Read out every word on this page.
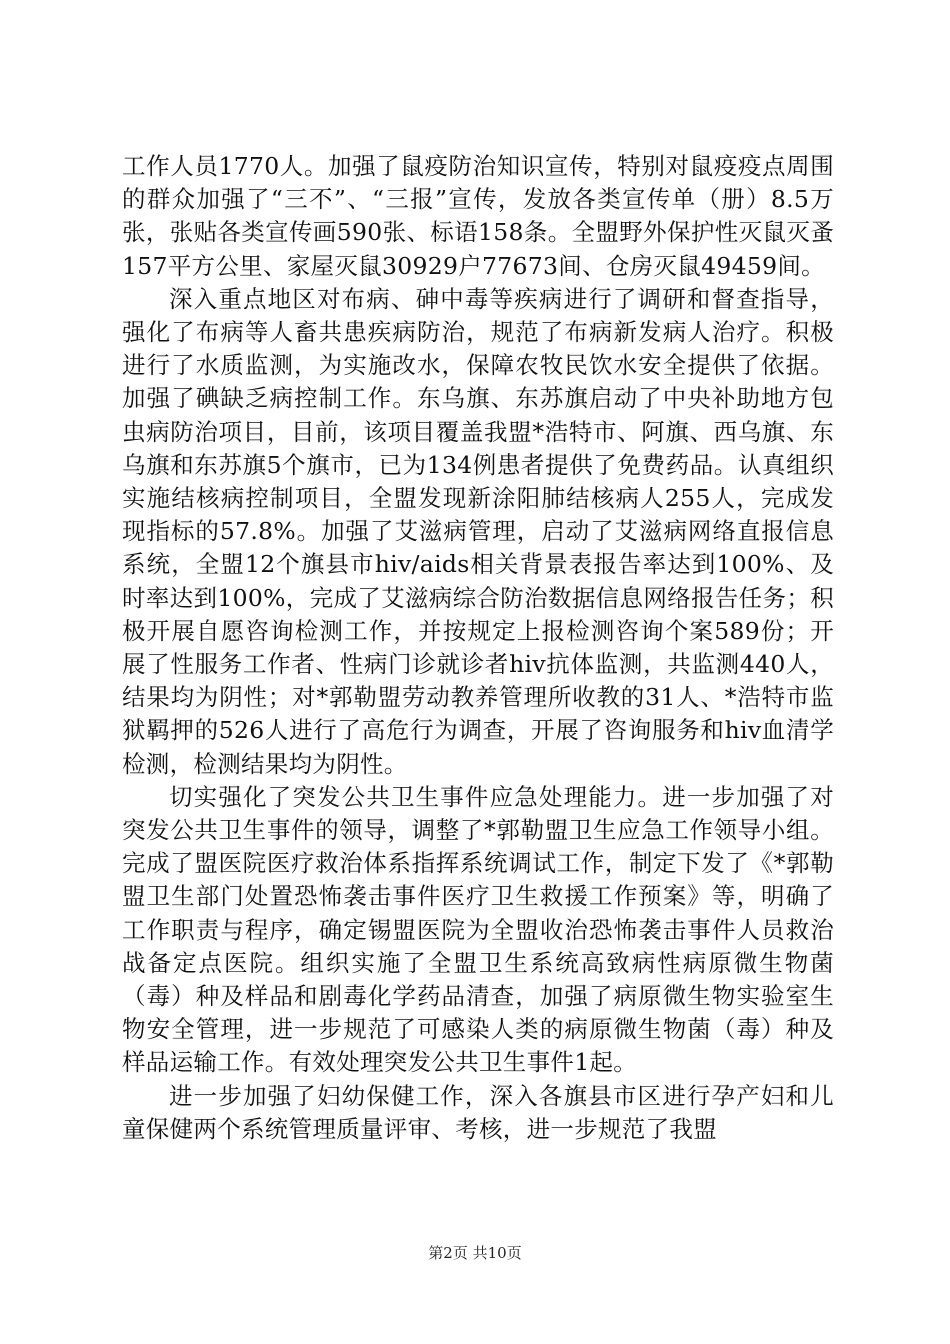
工作人员1770人。加强了鼠疫防治知识宣传，特别对鼠疫疫点周围的群众加强了“三不”、“三报”宣传，发放各类宣传单（册）8.5万张，张贴各类宣传画590张、标语158条。全盟野外保护性灭鼠灭蚤157平方公里、家屋灭鼠30929户77673间、仓房灭鼠49459间。

深入重点地区对布病、砷中毒等疾病进行了调研和督查指导，强化了布病等人畜共患疾病防治，规范了布病新发病人治疗。积极进行了水质监测，为实施改水，保障农牧民饮水安全提供了依据。加强了碘缺乏病控制工作。东乌旗、东苏旗启动了中央补助地方包虫病防治项目，目前，该项目覆盖我盟*浩特市、阿旗、西乌旗、东乌旗和东苏旗5个旗市，已为134例患者提供了免费药品。认真组织实施结核病控制项目，全盟发现新涂阳肺结核病人255人，完成发现指标的57.8%。加强了艾滋病管理，启动了艾滋病网络直报信息系统，全盟12个旗县市hiv/aids相关背景表报告率达到100%、及时率达到100%，完成了艾滋病综合防治数据信息网络报告任务；积极开展自愿咨询检测工作，并按规定上报检测咨询个案589份；开展了性服务工作者、性病门诊就诊者hiv抗体监测，共监测440人，结果均为阴性；对*郭勒盟劳动教养管理所收教的31人、*浩特市监狱羁押的526人进行了高危行为调查，开展了咨询服务和hiv血清学检测，检测结果均为阴性。

切实强化了突发公共卫生事件应急处理能力。进一步加强了对突发公共卫生事件的领导，调整了*郭勒盟卫生应急工作领导小组。完成了盟医院医疗救治体系指挥系统调试工作，制定下发了《*郭勒盟卫生部门处置恐怖袭击事件医疗卫生救援工作预案》等，明确了工作职责与程序，确定锡盟医院为全盟收治恐怖袭击事件人员救治战备定点医院。组织实施了全盟卫生系统高致病性病原微生物菌（毒）种及样品和剧毒化学药品清查，加强了病原微生物实验室生物安全管理，进一步规范了可感染人类的病原微生物菌（毒）种及样品运输工作。有效处理突发公共卫生事件1起。

进一步加强了妇幼保健工作，深入各旗县市区进行孕产妇和儿童保健两个系统管理质量评审、考核，进一步规范了我盟

第2页 共10页
